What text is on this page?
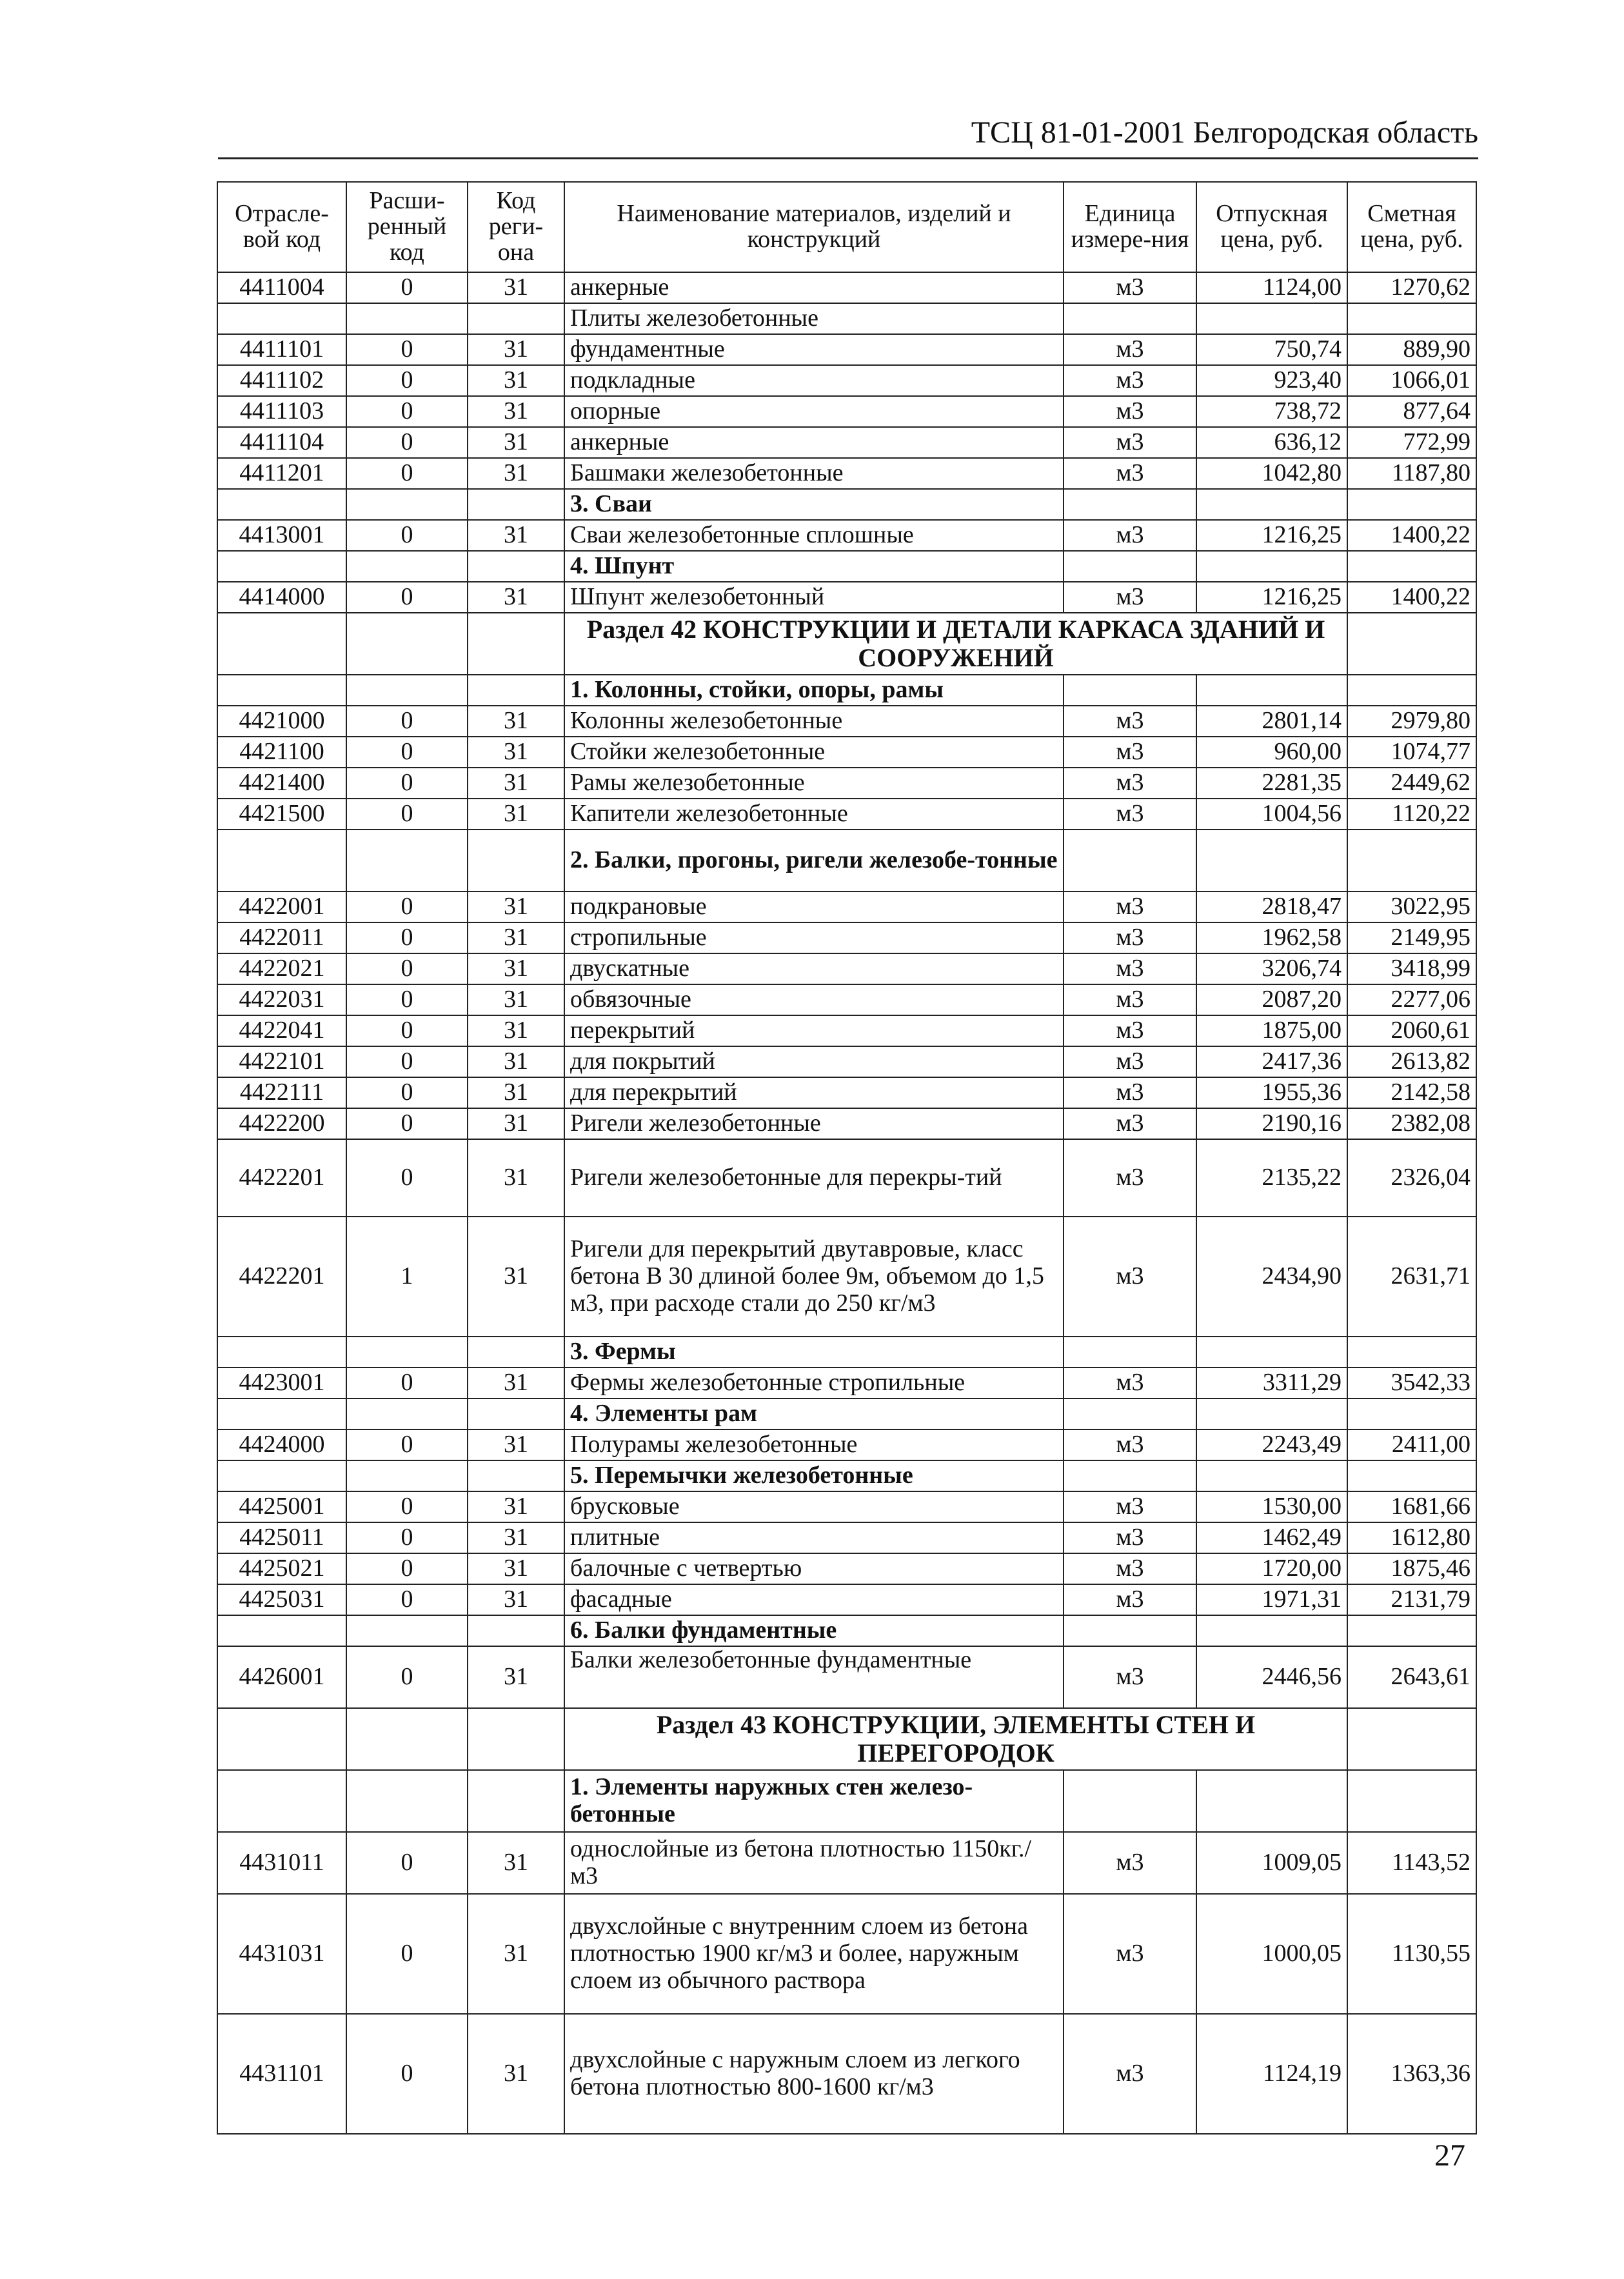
ТСЦ 81-01-2001 Белгородская область
Отрасле-вой код	Расши-ренный код	Код реги-она	Наименование материалов, изделий и конструкций	Единица измере-ния	Отпускная цена, руб.	Сметная цена, руб.
4411004	0	31	анкерные	м3	1124,00	1270,62
			Плиты железобетонные			
4411101	0	31	фундаментные	м3	750,74	889,90
4411102	0	31	подкладные	м3	923,40	1066,01
4411103	0	31	опорные	м3	738,72	877,64
4411104	0	31	анкерные	м3	636,12	772,99
4411201	0	31	Башмаки железобетонные	м3	1042,80	1187,80
			3. Сваи			
4413001	0	31	Сваи железобетонные сплошные	м3	1216,25	1400,22
			4. Шпунт			
4414000	0	31	Шпунт железобетонный	м3	1216,25	1400,22
			Раздел 42 КОНСТРУКЦИИ И ДЕТАЛИ КАРКАСА ЗДАНИЙ И СООРУЖЕНИЙ			
			1. Колонны, стойки, опоры, рамы			
4421000	0	31	Колонны железобетонные	м3	2801,14	2979,80
4421100	0	31	Стойки железобетонные	м3	960,00	1074,77
4421400	0	31	Рамы железобетонные	м3	2281,35	2449,62
4421500	0	31	Капители железобетонные	м3	1004,56	1120,22
			2. Балки, прогоны, ригели железобе-тонные			
4422001	0	31	подкрановые	м3	2818,47	3022,95
4422011	0	31	стропильные	м3	1962,58	2149,95
4422021	0	31	двускатные	м3	3206,74	3418,99
4422031	0	31	обвязочные	м3	2087,20	2277,06
4422041	0	31	перекрытий	м3	1875,00	2060,61
4422101	0	31	для покрытий	м3	2417,36	2613,82
4422111	0	31	для перекрытий	м3	1955,36	2142,58
4422200	0	31	Ригели железобетонные	м3	2190,16	2382,08
4422201	0	31	Ригели железобетонные для перекры-тий	м3	2135,22	2326,04
4422201	1	31	Ригели для перекрытий двутавровые, класс бетона В 30 длиной более 9м, объемом до 1,5 м3, при расходе стали до 250 кг/м3	м3	2434,90	2631,71
			3. Фермы			
4423001	0	31	Фермы железобетонные стропильные	м3	3311,29	3542,33
			4. Элементы рам			
4424000	0	31	Полурамы железобетонные	м3	2243,49	2411,00
			5. Перемычки железобетонные			
4425001	0	31	брусковые	м3	1530,00	1681,66
4425011	0	31	плитные	м3	1462,49	1612,80
4425021	0	31	балочные с четвертью	м3	1720,00	1875,46
4425031	0	31	фасадные	м3	1971,31	2131,79
			6. Балки фундаментные			
4426001	0	31	Балки железобетонные фундаментные	м3	2446,56	2643,61
			Раздел 43 КОНСТРУКЦИИ, ЭЛЕМЕНТЫ СТЕН И ПЕРЕГОРОДОК			
			1. Элементы наружных стен железо-бетонные			
4431011	0	31	однослойные из бетона плотностью 1150кг./м3	м3	1009,05	1143,52
4431031	0	31	двухслойные с внутренним слоем из бетона плотностью 1900 кг/м3 и более, наружным слоем из обычного раствора	м3	1000,05	1130,55
4431101	0	31	двухслойные с наружным слоем из легкого бетона плотностью 800-1600 кг/м3	м3	1124,19	1363,36
27
